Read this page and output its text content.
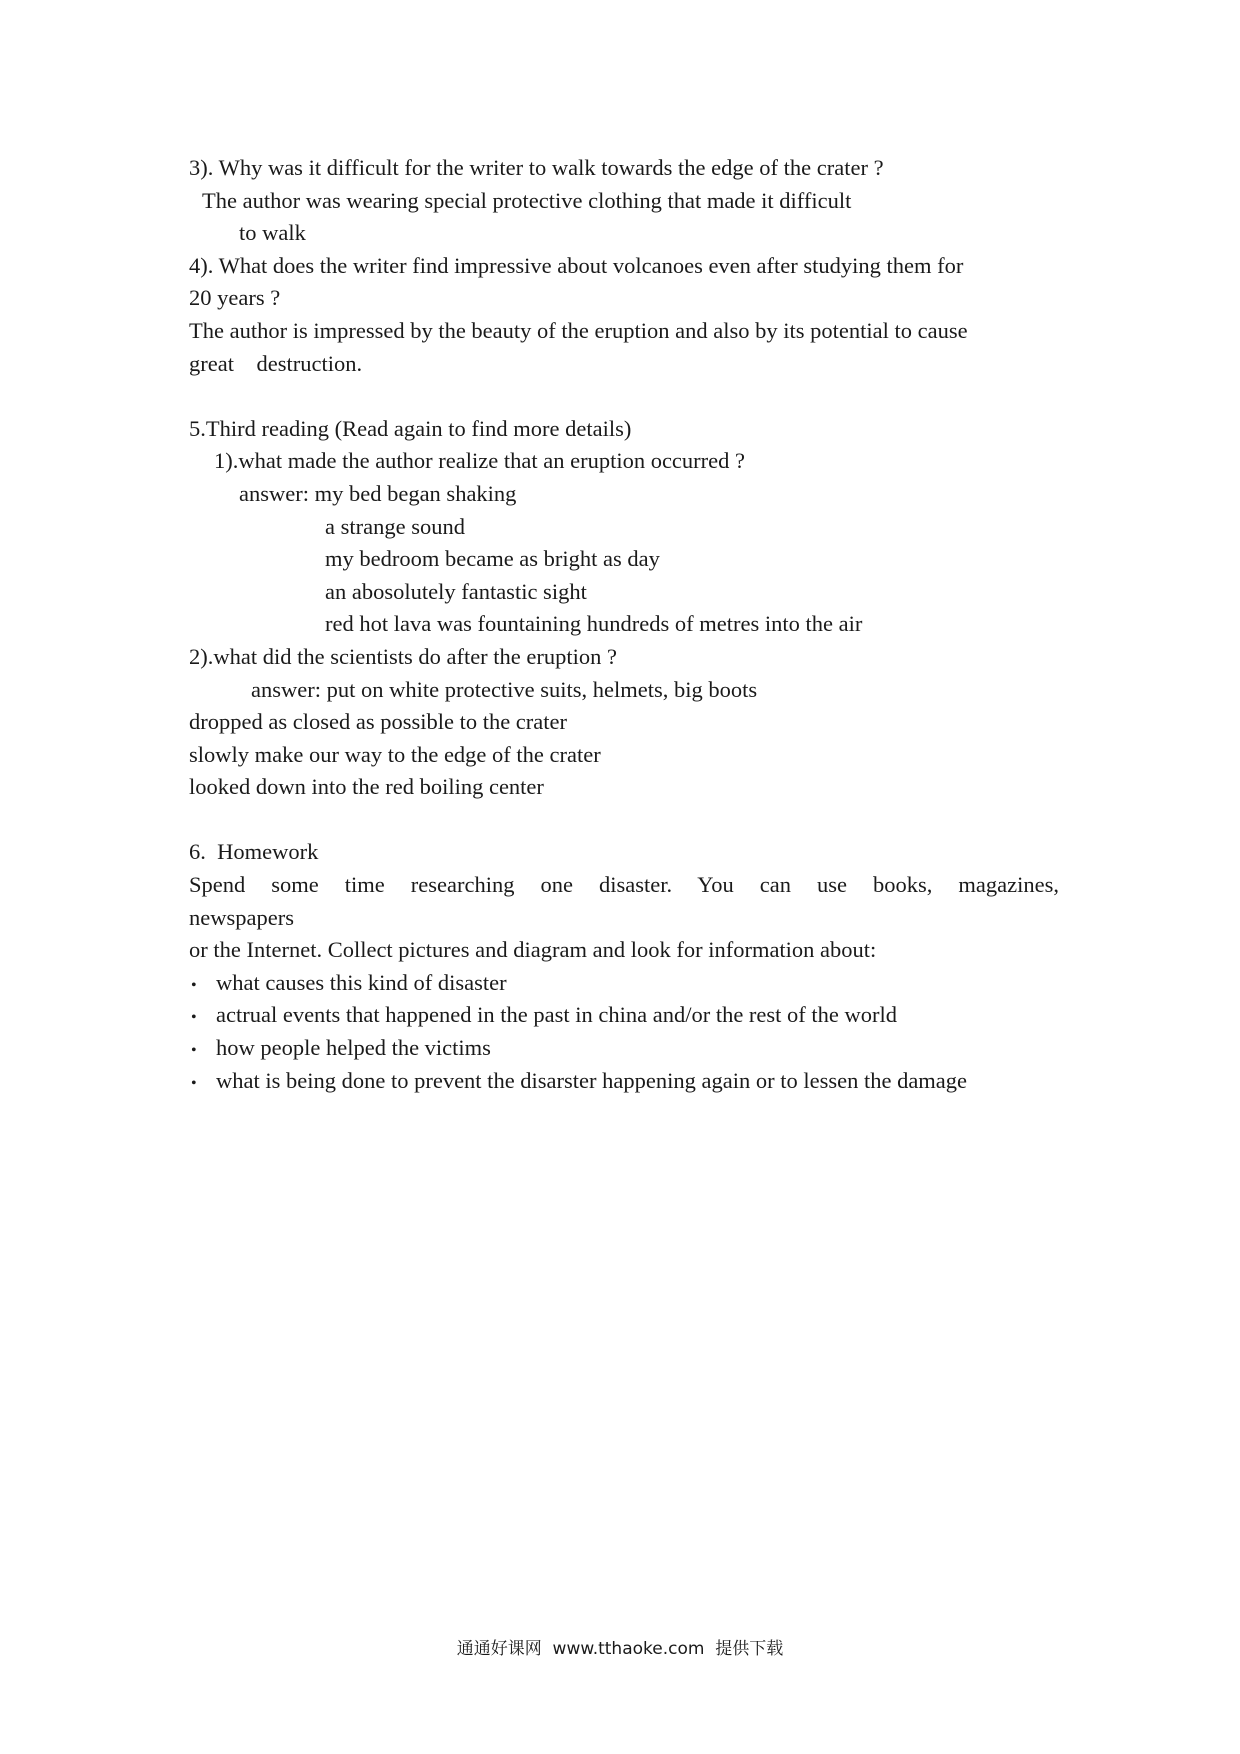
3). Why was it difficult for the writer to walk towards the edge of the crater ?
The author was wearing special protective clothing that made it difficult
to walk
4). What does the writer find impressive about volcanoes even after studying them for
20 years ?
The author is impressed by the beauty of the eruption and also by its potential to cause
great    destruction.
5.Third reading (Read again to find more details)
1).what made the author realize that an eruption occurred ?
answer: my bed began shaking
a strange sound
my bedroom became as bright as day
an abosolutely fantastic sight
red hot lava was fountaining hundreds of metres into the air
2).what did the scientists do after the eruption ?
answer: put on white protective suits, helmets, big boots
dropped as closed as possible to the crater
slowly make our way to the edge of the crater
looked down into the red boiling center
6.  Homework
Spend some time researching one disaster. You can use books, magazines,
newspapers
or the Internet. Collect pictures and diagram and look for information about:
• what causes this kind of disaster
• actrual events that happened in the past in china and/or the rest of the world
• how people helped the victims
• what is being done to prevent the disarster happening again or to lessen the damage
通通好课网  www.tthaoke.com  提供下载
